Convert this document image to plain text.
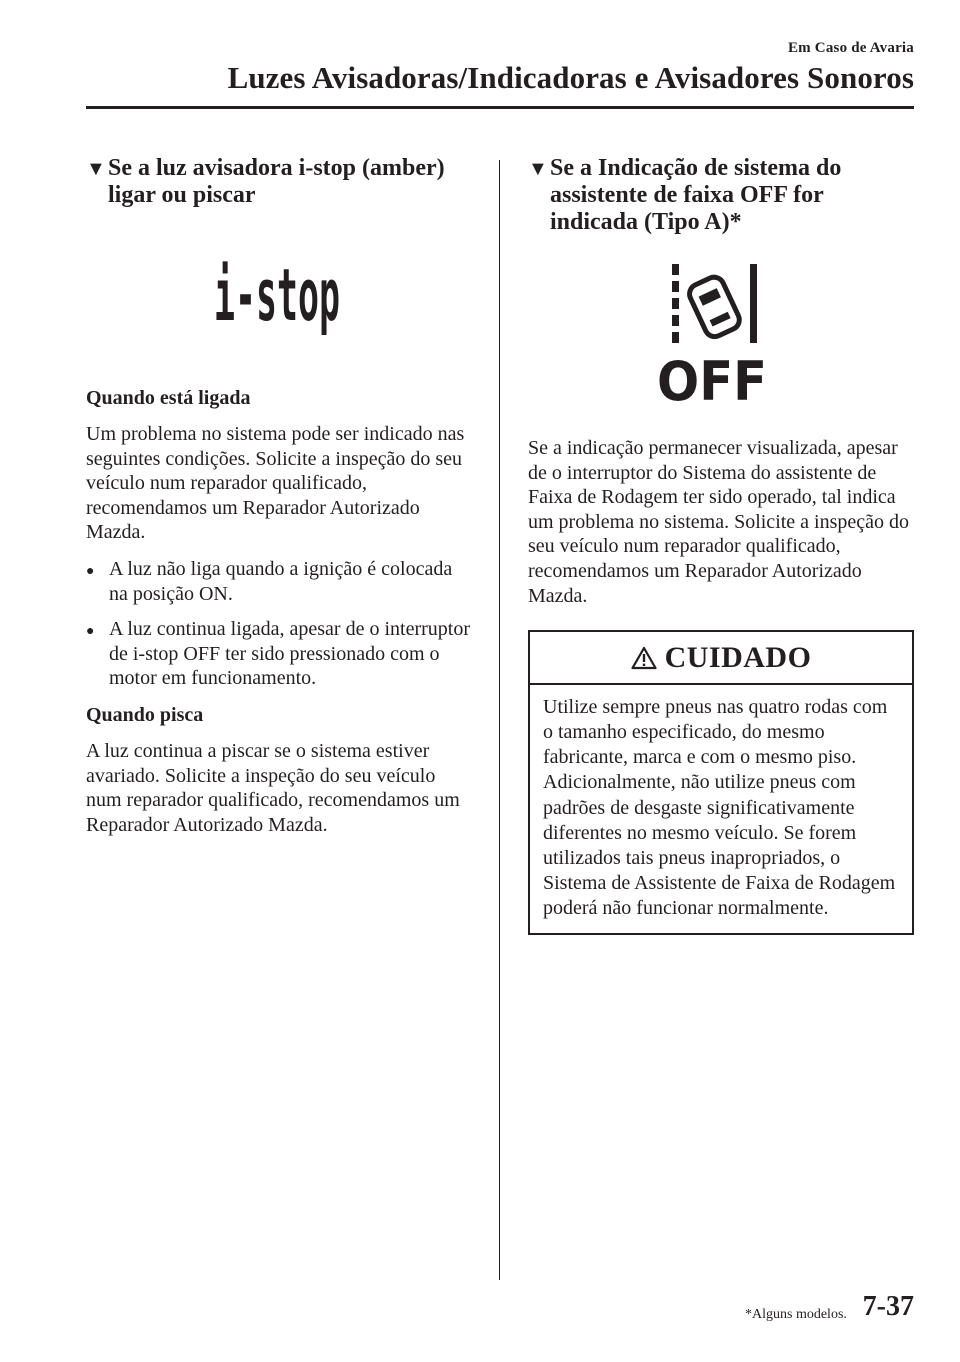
Em Caso de Avaria
Luzes Avisadoras/Indicadoras e Avisadores Sonoros
▼ Se a luz avisadora i-stop (amber) ligar ou piscar
i-stop
Quando está ligada

Um problema no sistema pode ser indicado nas seguintes condições. Solicite a inspeção do seu veículo num reparador qualificado, recomendamos um Reparador Autorizado Mazda.

● A luz não liga quando a ignição é colocada na posição ON.
● A luz continua ligada, apesar de o interruptor de i-stop OFF ter sido pressionado com o motor em funcionamento.
Quando pisca

A luz continua a piscar se o sistema estiver avariado. Solicite a inspeção do seu veículo num reparador qualificado, recomendamos um Reparador Autorizado Mazda.

▼ Se a Indicação de sistema do assistente de faixa OFF for indicada (Tipo A)*
OFF

Se a indicação permanecer visualizada, apesar de o interruptor do Sistema do assistente de Faixa de Rodagem ter sido operado, tal indica um problema no sistema. Solicite a inspeção do seu veículo num reparador qualificado, recomendamos um Reparador Autorizado Mazda.

CUIDADO
Utilize sempre pneus nas quatro rodas com o tamanho especificado, do mesmo fabricante, marca e com o mesmo piso. Adicionalmente, não utilize pneus com padrões de desgaste significativamente diferentes no mesmo veículo. Se forem utilizados tais pneus inapropriados, o Sistema de Assistente de Faixa de Rodagem poderá não funcionar normalmente.
*Alguns modelos. 7-37
